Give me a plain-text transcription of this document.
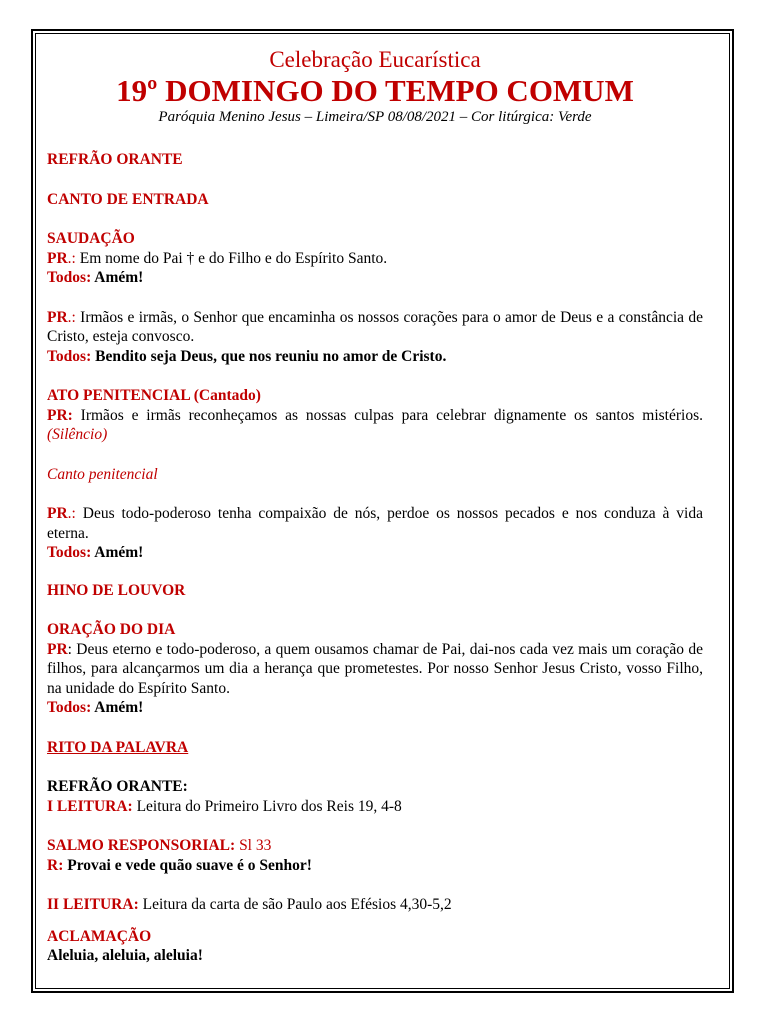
Celebração Eucarística
19º DOMINGO DO TEMPO COMUM
Paróquia Menino Jesus – Limeira/SP 08/08/2021 – Cor litúrgica: Verde

REFRÃO ORANTE

CANTO DE ENTRADA

SAUDAÇÃO

PR.: Em nome do Pai † e do Filho e do Espírito Santo.

Todos: Amém!

PR.: Irmãos e irmãs, o Senhor que encaminha os nossos corações para o amor de Deus e a constância de Cristo, esteja convosco.

Todos: Bendito seja Deus, que nos reuniu no amor de Cristo.

ATO PENITENCIAL (Cantado)

PR: Irmãos e irmãs reconheçamos as nossas culpas para celebrar dignamente os santos mistérios. (Silêncio)

Canto penitencial

PR.: Deus todo-poderoso tenha compaixão de nós, perdoe os nossos pecados e nos conduza à vida eterna.

Todos: Amém!

HINO DE LOUVOR

ORAÇÃO DO DIA

PR: Deus eterno e todo-poderoso, a quem ousamos chamar de Pai, dai-nos cada vez mais um coração de filhos, para alcançarmos um dia a herança que prometestes. Por nosso Senhor Jesus Cristo, vosso Filho, na unidade do Espírito Santo.

Todos: Amém!

RITO DA PALAVRA

REFRÃO ORANTE:

I LEITURA: Leitura do Primeiro Livro dos Reis 19, 4-8

SALMO RESPONSORIAL: Sl 33

R: Provai e vede quão suave é o Senhor!

II LEITURA: Leitura da carta de são Paulo aos Efésios 4,30-5,2

ACLAMAÇÃO

Aleluia, aleluia, aleluia!
